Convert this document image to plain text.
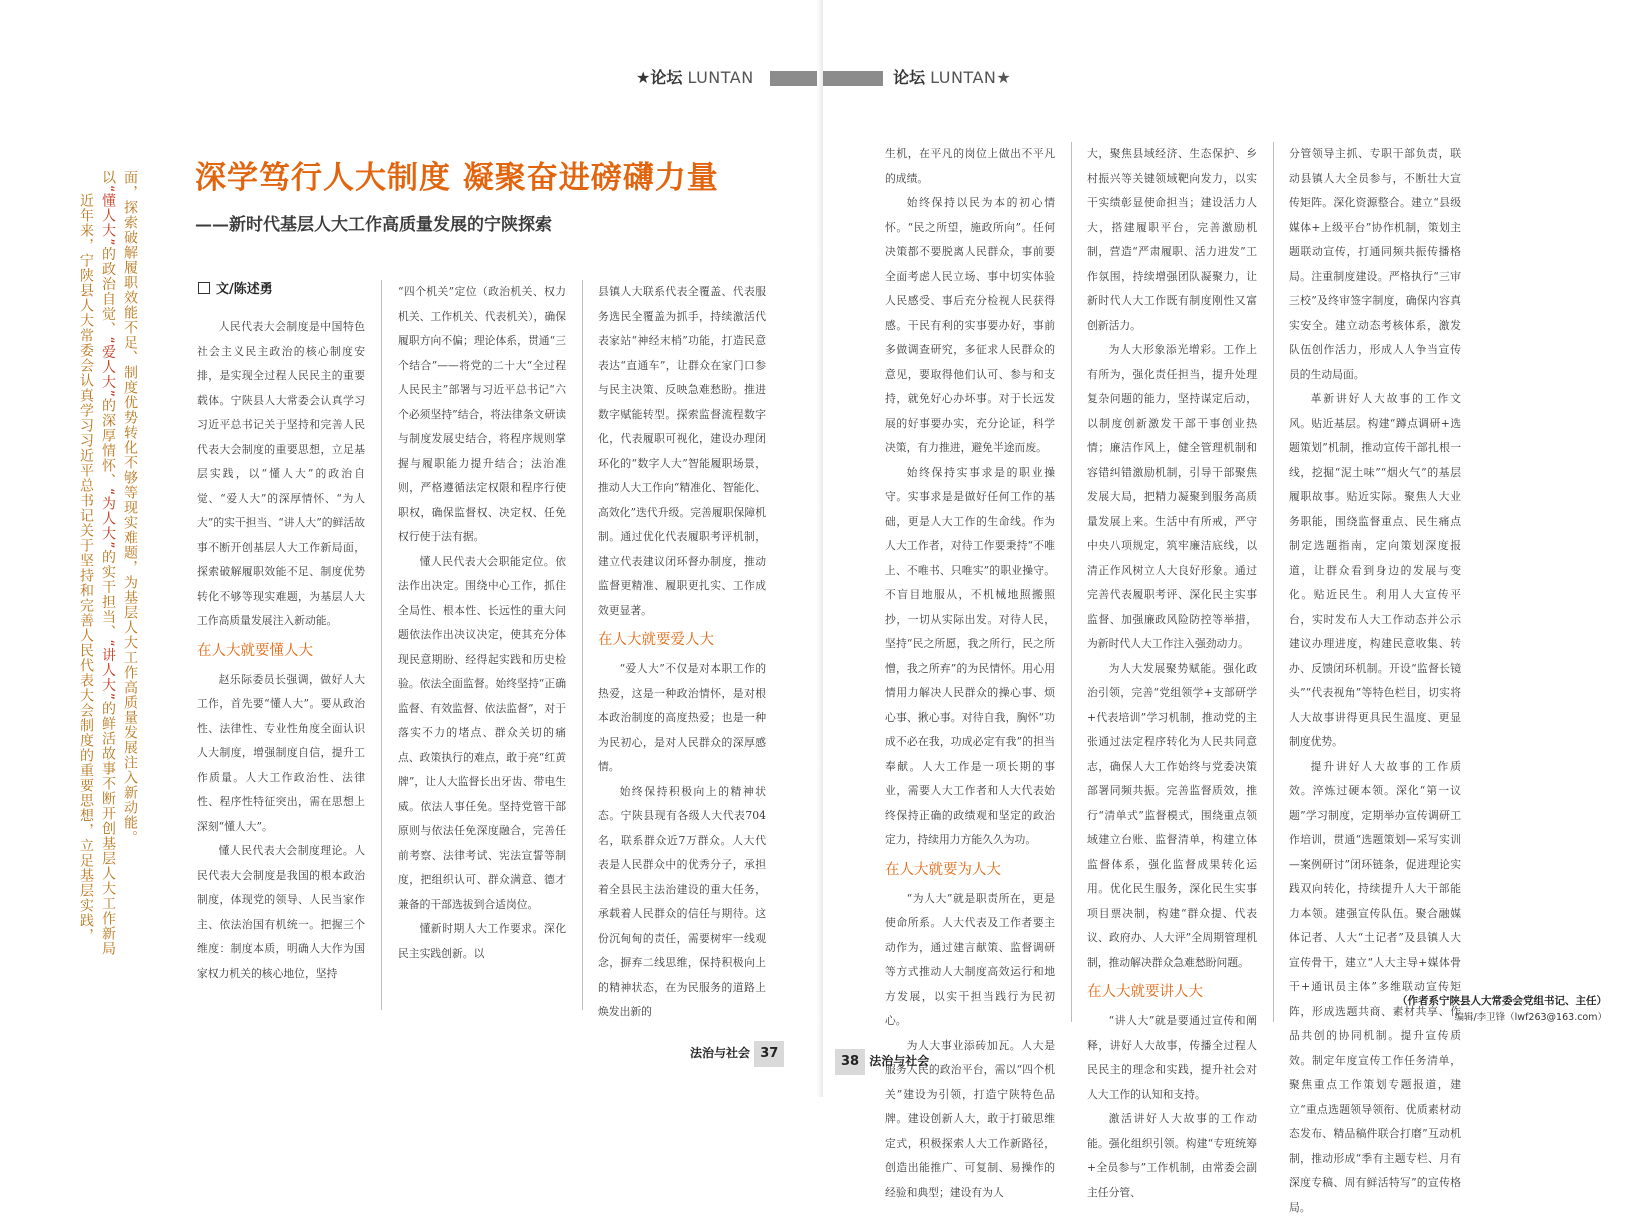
★论坛 LUNTAN
近年来，宁陕县人大常委会认真学习习近平总书记关于坚持和完善人民代表大会制度的重要思想，立足基层实践，
以“懂人大”的政治自觉、“爱人大”的深厚情怀、“为人大”的实干担当、“讲人大”的鲜活故事不断开创基层人大工作新局 面，探索破解履职效能不足、制度优势转化不够等现实难题，为基层人大工作高质量发展注入新动能。 深学笃行人大制度 凝聚奋进磅礴力量
——新时代基层人大工作高质量发展的宁陕探索
文/陈述勇

人民代表大会制度是中国特色社会主义民主政治的核心制度安排，是实现全过程人民民主的重要载体。宁陕县人大常委会认真学习习近平总书记关于坚持和完善人民代表大会制度的重要思想，立足基层实践，以“懂人大”的政治自觉、“爱人大”的深厚情怀、“为人大”的实干担当、“讲人大”的鲜活故事不断开创基层人大工作新局面，探索破解履职效能不足、制度优势转化不够等现实难题，为基层人大工作高质量发展注入新动能。

在人大就要懂人大

赵乐际委员长强调，做好人大工作，首先要“懂人大”。要从政治性、法律性、专业性角度全面认识人大制度，增强制度自信，提升工作质量。人大工作政治性、法律性、程序性特征突出，需在思想上深刻“懂人大”。

懂人民代表大会制度理论。人民代表大会制度是我国的根本政治制度，体现党的领导、人民当家作主、依法治国有机统一。把握三个维度：制度本质，明确人大作为国家权力机关的核心地位，坚持

“四个机关”定位（政治机关、权力机关、工作机关、代表机关），确保履职方向不偏；理论体系，贯通“三个结合”——将党的二十大“全过程人民民主”部署与习近平总书记“六个必须坚持”结合，将法律条文研读与制度发展史结合，将程序规则掌握与履职能力提升结合；法治准则，严格遵循法定权限和程序行使职权，确保监督权、决定权、任免权行使于法有据。

懂人民代表大会职能定位。依法作出决定。围绕中心工作，抓住全局性、根本性、长远性的重大问题依法作出决议决定，使其充分体现民意期盼、经得起实践和历史检验。依法全面监督。始终坚持“正确监督、有效监督、依法监督”，对于落实不力的堵点、群众关切的痛点、政策执行的难点，敢于亮“红黄牌”，让人大监督长出牙齿、带电生威。依法人事任免。坚持党管干部原则与依法任免深度融合，完善任前考察、法律考试、宪法宣誓等制度，把组织认可、群众满意、德才兼备的干部选拔到合适岗位。

懂新时期人大工作要求。深化民主实践创新。以

县镇人大联系代表全覆盖、代表服务选民全覆盖为抓手，持续激活代表家站“神经末梢”功能，打造民意表达“直通车”，让群众在家门口参与民主决策、反映急难愁盼。推进数字赋能转型。探索监督流程数字化，代表履职可视化，建设办理闭环化的“数字人大”智能履职场景，推动人大工作向“精准化、智能化、高效化”迭代升级。完善履职保障机制。通过优化代表履职考评机制，建立代表建议闭环督办制度，推动监督更精准、履职更扎实、工作成效更显著。

在人大就要爱人大

“爱人大”不仅是对本职工作的热爱，这是一种政治情怀，是对根本政治制度的高度热爱；也是一种为民初心，是对人民群众的深厚感情。

始终保持积极向上的精神状态。宁陕县现有各级人大代表704名，联系群众近7万群众。人大代表是人民群众中的优秀分子，承担着全县民主法治建设的重大任务，承载着人民群众的信任与期待。这份沉甸甸的责任，需要树牢一线观念，摒弃二线思维，保持积极向上的精神状态，在为民服务的道路上焕发出新的

法治与社会 37
论坛 LUNTAN★

生机，在平凡的岗位上做出不平凡的成绩。

始终保持以民为本的初心情怀。“民之所望，施政所向”。任何决策都不要脱离人民群众，事前要全面考虑人民立场、事中切实体验人民感受、事后充分检视人民获得感。干民有利的实事要办好，事前多做调查研究，多征求人民群众的意见，要取得他们认可、参与和支持，就免好心办坏事。对于长远发展的好事要办实，充分论证，科学决策，有力推进，避免半途而废。

始终保持实事求是的职业操守。实事求是是做好任何工作的基础，更是人大工作的生命线。作为人大工作者，对待工作要秉持“不唯上、不唯书、只唯实”的职业操守。不盲目地服从，不机械地照搬照抄，一切从实际出发。对待人民，坚持“民之所愿，我之所行，民之所憎，我之所弃”的为民情怀。用心用情用力解决人民群众的操心事、烦心事、揪心事。对待自我，胸怀“功成不必在我，功成必定有我”的担当奉献。人大工作是一项长期的事业，需要人大工作者和人大代表始终保持正确的政绩观和坚定的政治定力，持续用力方能久久为功。

在人大就要为人大

“为人大”就是职责所在，更是使命所系。人大代表及工作者要主动作为，通过建言献策、监督调研等方式推动人大制度高效运行和地方发展，以实干担当践行为民初心。

为人大事业添砖加瓦。人大是服务人民的政治平台，需以“四个机关”建设为引领，打造宁陕特色品牌。建设创新人大，敢于打破思维定式，积极探索人大工作新路径，创造出能推广、可复制、易操作的经验和典型；建设有为人

大，聚焦县域经济、生态保护、乡村振兴等关键领域靶向发力，以实干实绩彰显使命担当；建设活力人大，搭建履职平台，完善激励机制，营造“严肃履职、活力进发”工作氛围，持续增强团队凝聚力，让新时代人大工作既有制度刚性又富创新活力。

为人大形象添光增彩。工作上有所为，强化责任担当，提升处理复杂问题的能力，坚持谋定后动，以制度创新激发干部干事创业热情；廉洁作风上，健全管理机制和容错纠错激励机制，引导干部聚焦发展大局，把精力凝聚到服务高质量发展上来。生活中有所戒，严守中央八项规定，筑牢廉洁底线，以清正作风树立人大良好形象。通过完善代表履职考评、深化民主实事监督、加强廉政风险防控等举措，为新时代人大工作注入强劲动力。

为人大发展聚势赋能。强化政治引领，完善“党组领学+支部研学+代表培训”学习机制，推动党的主张通过法定程序转化为人民共同意志，确保人大工作始终与党委决策部署同频共振。完善监督质效，推行“清单式”监督模式，围绕重点领域建立台账、监督清单，构建立体监督体系，强化监督成果转化运用。优化民生服务，深化民生实事项目票决制，构建“群众提、代表议、政府办、人大评”全周期管理机制，推动解决群众急难愁盼问题。

在人大就要讲人大

“讲人大”就是要通过宣传和阐释，讲好人大故事，传播全过程人民民主的理念和实践，提升社会对人大工作的认知和支持。

激活讲好人大故事的工作动能。强化组织引领。构建“专班统筹+全员参与”工作机制，由常委会副主任分管、

分管领导主抓、专职干部负责，联动县镇人大全员参与，不断壮大宣传矩阵。深化资源整合。建立“县级媒体+上级平台”协作机制，策划主题联动宣传，打通同频共振传播格局。注重制度建设。严格执行“三审三校”及终审签字制度，确保内容真实安全。建立动态考核体系，激发队伍创作活力，形成人人争当宣传员的生动局面。

革新讲好人大故事的工作文风。贴近基层。构建“蹲点调研+选题策划”机制，推动宣传干部扎根一线，挖掘“泥土味”“烟火气”的基层履职故事。贴近实际。聚焦人大业务职能，围绕监督重点、民生痛点制定选题指南，定向策划深度报道，让群众看到身边的发展与变化。贴近民生。利用人大宣传平台，实时发布人大工作动态并公示建议办理进度，构建民意收集、转办、反馈闭环机制。开设“监督长镜头”“代表视角”等特色栏目，切实将人大故事讲得更具民生温度、更显制度优势。

提升讲好人大故事的工作质效。淬炼过硬本领。深化“第一议题”学习制度，定期举办宣传调研工作培训，贯通“选题策划—采写实训—案例研讨”闭环链条，促进理论实践双向转化，持续提升人大干部能力本领。建强宣传队伍。聚合融媒体记者、人大“土记者”及县镇人大宣传骨干，建立“人大主导+媒体骨干+通讯员主体”多维联动宣传矩阵，形成选题共商、素材共享、作品共创的协同机制。提升宣传质效。制定年度宣传工作任务清单，聚焦重点工作策划专题报道，建立“重点选题领导领衔、优质素材动态发布、精品稿件联合打磨”互动机制，推动形成“季有主题专栏、月有深度专稿、周有鲜活特写”的宣传格局。

（作者系宁陕县人大常委会党组书记、主任）
编辑/李卫锋（lwf263@163.com）
38 法治与社会
